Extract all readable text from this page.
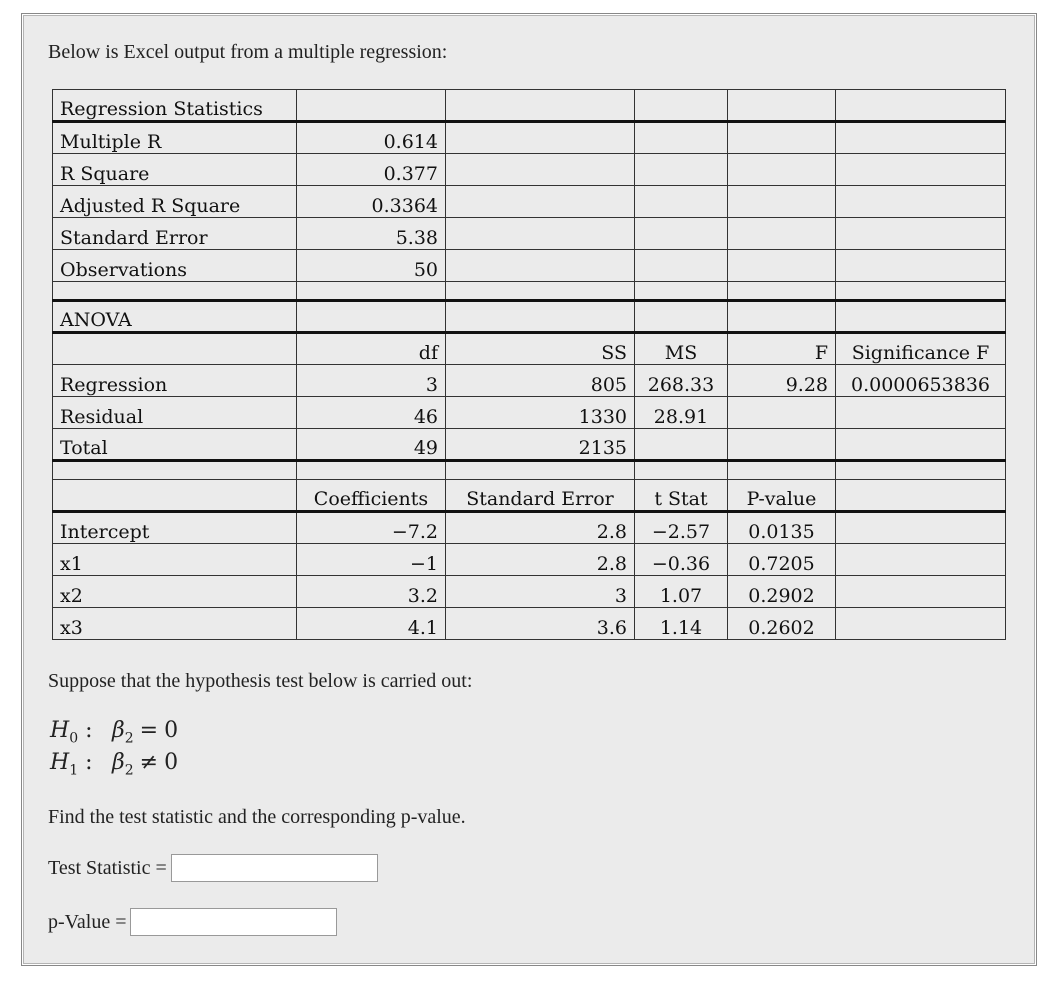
Below is Excel output from a multiple regression:

Regression Statistics					
Multiple R	0.614				
R Square	0.377				
Adjusted R Square	0.3364				
Standard Error	5.38				
Observations	50				

ANOVA					
	df	SS	MS	F	Significance F
Regression	3	805	268.33	9.28	0.0000653836
Residual	46	1330	28.91		
Total	49	2135			

	Coefficients	Standard Error	t Stat	P-value	
Intercept	−7.2	2.8	−2.57	0.0135	
x1	−1	2.8	−0.36	0.7205	
x2	3.2	3	1.07	0.2902	
x3	4.1	3.6	1.14	0.2602	

Suppose that the hypothesis test below is carried out:

$H_0$ : $\beta_2 = 0$
$H_1$ : $\beta_2 \ne 0$

Find the test statistic and the corresponding p-value.

Test Statistic =
p-Value =
